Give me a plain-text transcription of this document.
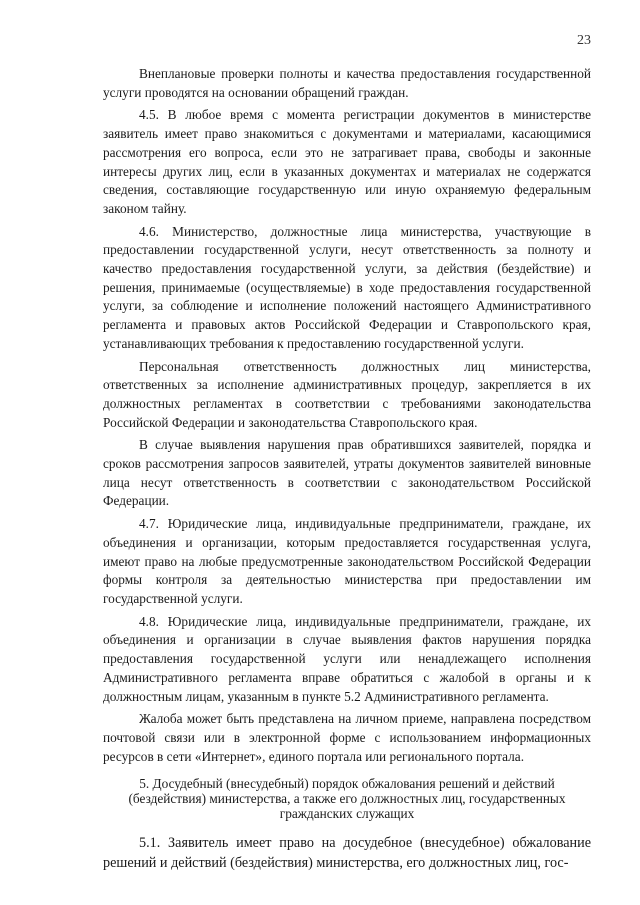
23

Внеплановые проверки полноты и качества предоставления государственной услуги проводятся на основании обращений граждан.

4.5. В любое время с момента регистрации документов в министерстве заявитель имеет право знакомиться с документами и материалами, касающимися рассмотрения его вопроса, если это не затрагивает права, свободы и законные интересы других лиц, если в указанных документах и материалах не содержатся сведения, составляющие государственную или иную охраняемую федеральным законом тайну.

4.6. Министерство, должностные лица министерства, участвующие в предоставлении государственной услуги, несут ответственность за полноту и качество предоставления государственной услуги, за действия (бездействие) и решения, принимаемые (осуществляемые) в ходе предоставления государственной услуги, за соблюдение и исполнение положений настоящего Административного регламента и правовых актов Российской Федерации и Ставропольского края, устанавливающих требования к предоставлению государственной услуги.

Персональная ответственность должностных лиц министерства, ответственных за исполнение административных процедур, закрепляется в их должностных регламентах в соответствии с требованиями законодательства Российской Федерации и законодательства Ставропольского края.

В случае выявления нарушения прав обратившихся заявителей, порядка и сроков рассмотрения запросов заявителей, утраты документов заявителей виновные лица несут ответственность в соответствии с законодательством Российской Федерации.

4.7. Юридические лица, индивидуальные предприниматели, граждане, их объединения и организации, которым предоставляется государственная услуга, имеют право на любые предусмотренные законодательством Российской Федерации формы контроля за деятельностью министерства при предоставлении им государственной услуги.

4.8. Юридические лица, индивидуальные предприниматели, граждане, их объединения и организации в случае выявления фактов нарушения порядка предоставления государственной услуги или ненадлежащего исполнения Административного регламента вправе обратиться с жалобой в органы и к должностным лицам, указанным в пункте 5.2 Административного регламента.

Жалоба может быть представлена на личном приеме, направлена посредством почтовой связи или в электронной форме с использованием информационных ресурсов в сети «Интернет», единого портала или регионального портала.

5. Досудебный (внесудебный) порядок обжалования решений и действий (бездействия) министерства, а также его должностных лиц, государственных гражданских служащих

5.1. Заявитель имеет право на досудебное (внесудебное) обжалование решений и действий (бездействия) министерства, его должностных лиц, гос-
